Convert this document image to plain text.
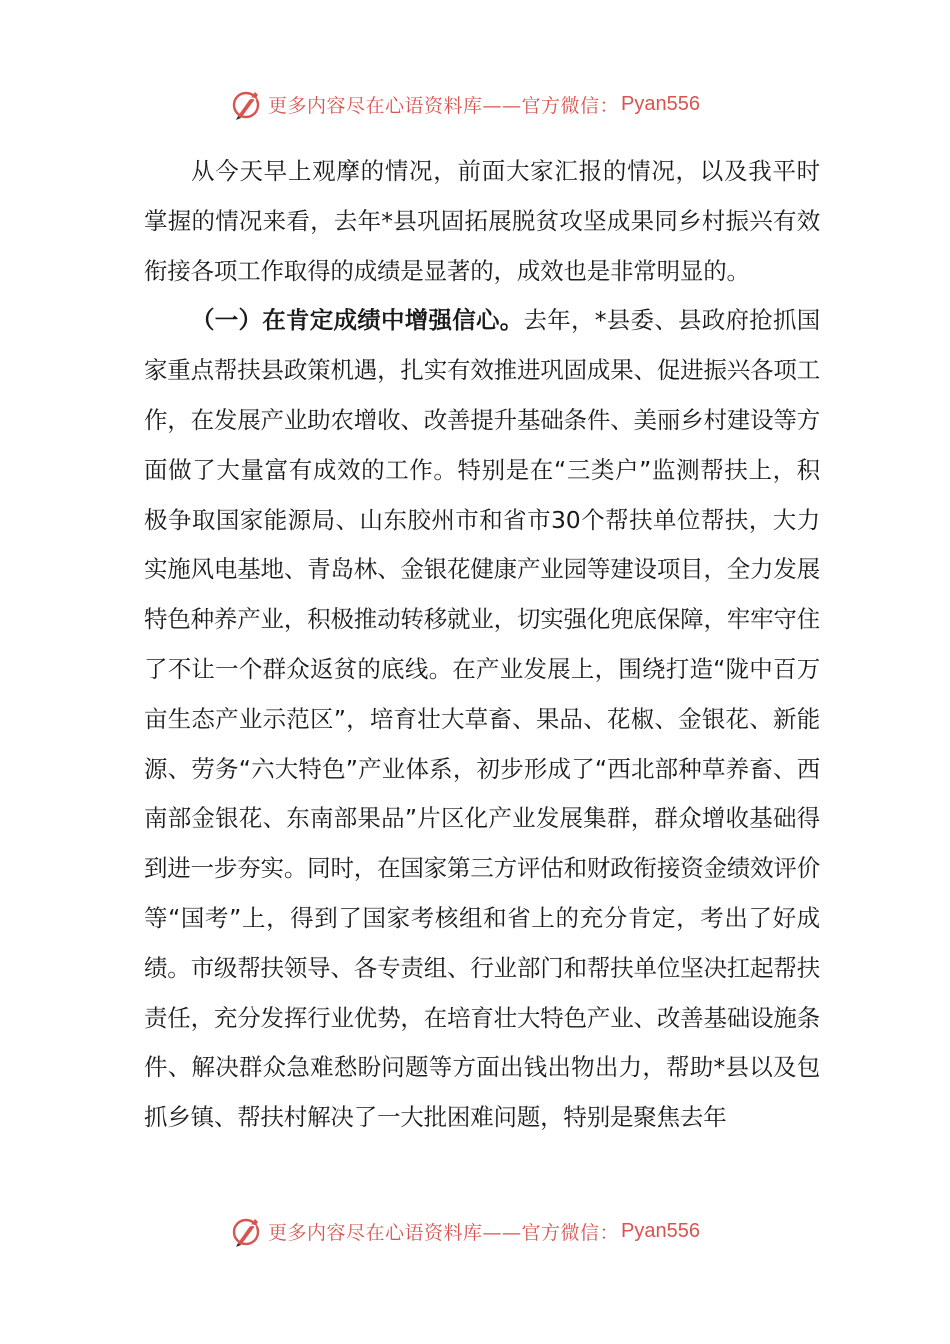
更多内容尽在心语资料库——官方微信： Pyan556

从今天早上观摩的情况，前面大家汇报的情况，以及我平时掌握的情况来看，去年*县巩固拓展脱贫攻坚成果同乡村振兴有效衔接各项工作取得的成绩是显著的，成效也是非常明显的。

（一）在肯定成绩中增强信心。去年，*县委、县政府抢抓国家重点帮扶县政策机遇，扎实有效推进巩固成果、促进振兴各项工作，在发展产业助农增收、改善提升基础条件、美丽乡村建设等方面做了大量富有成效的工作。特别是在“三类户”监测帮扶上，积极争取国家能源局、山东胶州市和省市30个帮扶单位帮扶，大力实施风电基地、青岛林、金银花健康产业园等建设项目，全力发展特色种养产业，积极推动转移就业，切实强化兜底保障，牢牢守住了不让一个群众返贫的底线。在产业发展上，围绕打造“陇中百万亩生态产业示范区”，培育壮大草畜、果品、花椒、金银花、新能源、劳务“六大特色”产业体系，初步形成了“西北部种草养畜、西南部金银花、东南部果品”片区化产业发展集群，群众增收基础得到进一步夯实。同时，在国家第三方评估和财政衔接资金绩效评价等“国考”上，得到了国家考核组和省上的充分肯定，考出了好成绩。市级帮扶领导、各专责组、行业部门和帮扶单位坚决扛起帮扶责任，充分发挥行业优势，在培育壮大特色产业、改善基础设施条件、解决群众急难愁盼问题等方面出钱出物出力，帮助*县以及包抓乡镇、帮扶村解决了一大批困难问题，特别是聚焦去年

更多内容尽在心语资料库——官方微信： Pyan556
